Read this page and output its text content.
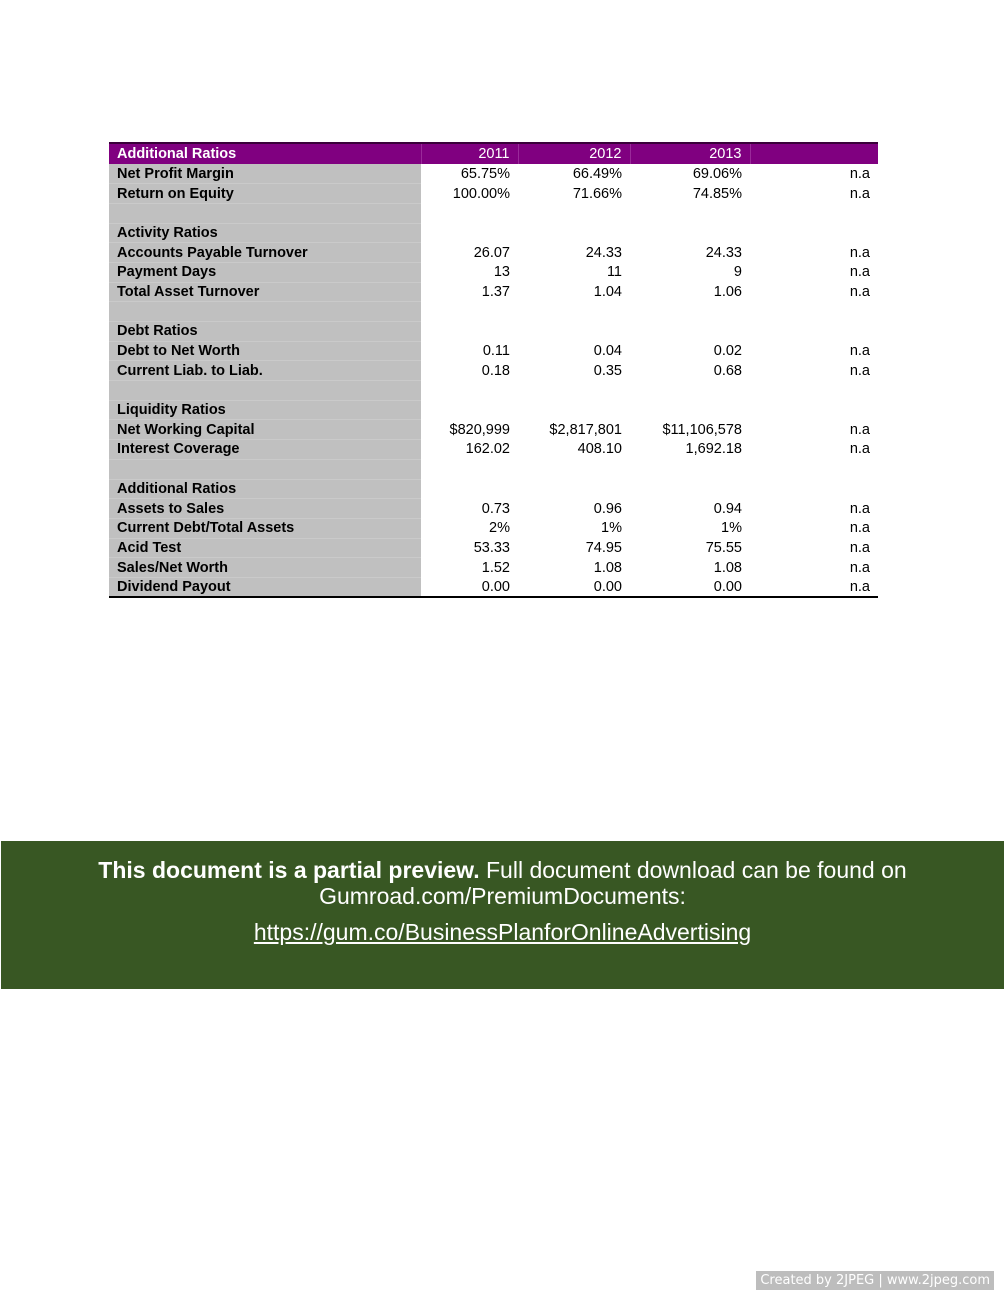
Additional Ratios	2011	2012	2013	
Net Profit Margin	65.75%	66.49%	69.06%	n.a
Return on Equity	100.00%	71.66%	74.85%	n.a

Activity Ratios				
Accounts Payable Turnover	26.07	24.33	24.33	n.a
Payment Days	13	11	9	n.a
Total Asset Turnover	1.37	1.04	1.06	n.a

Debt Ratios				
Debt to Net Worth	0.11	0.04	0.02	n.a
Current Liab. to Liab.	0.18	0.35	0.68	n.a

Liquidity Ratios				
Net Working Capital	$820,999	$2,817,801	$11,106,578	n.a
Interest Coverage	162.02	408.10	1,692.18	n.a

Additional Ratios				
Assets to Sales	0.73	0.96	0.94	n.a
Current Debt/Total Assets	2%	1%	1%	n.a
Acid Test	53.33	74.95	75.55	n.a
Sales/Net Worth	1.52	1.08	1.08	n.a
Dividend Payout	0.00	0.00	0.00	n.a
This document is a partial preview. Full document download can be found on
Gumroad.com/PremiumDocuments:
https://gum.co/BusinessPlanforOnlineAdvertising
Created by 2JPEG | www.2jpeg.com
